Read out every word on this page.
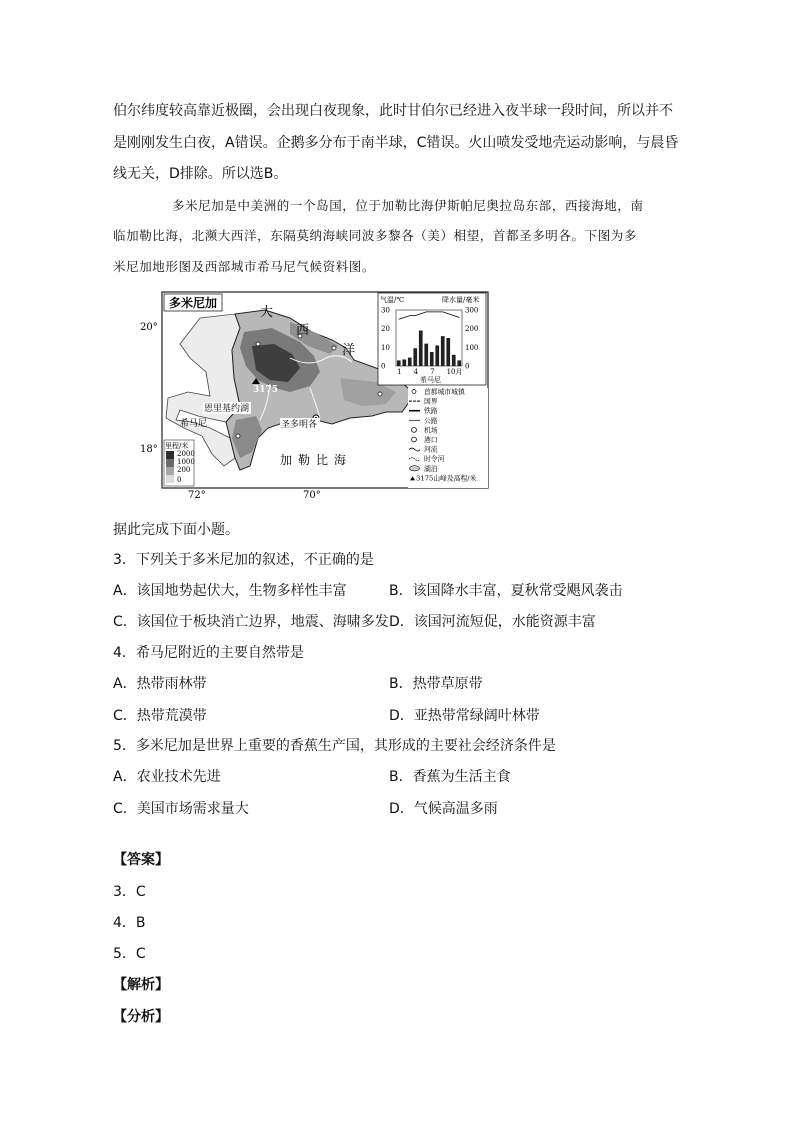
伯尔纬度较高靠近极圈，会出现白夜现象，此时甘伯尔已经进入夜半球一段时间，所以并不
是刚刚发生白夜，A错误。企鹅多分布于南半球，C错误。火山喷发受地壳运动影响，与晨昏
线无关，D排除。所以选B。
多米尼加是中美洲的一个岛国，位于加勒比海伊斯帕尼奥拉岛东部，西接海地，南
临加勒比海，北濒大西洋，东隔莫纳海峡同波多黎各（美）相望，首都圣多明各。下图为多
米尼加地形图及西部城市希马尼气候资料图。
20°
18°
72°	70°
多米尼加
3175
恩里基约湖
圣多明各
希马尼
大
西
洋
加勒比海
里程/米
2000
1000
200
0
气温/℃	降水量/毫米
30
20
10
0
300
200
100
0
1 4 7 10月
希马尼
首都城市城镇
国界
铁路
公路
机场
港口
河流
时令河
湖泊
3175山峰及高程/米
据此完成下面小题。
3．下列关于多米尼加的叙述，不正确的是
A．该国地势起伏大，生物多样性丰富	B．该国降水丰富，夏秋常受飓风袭击
C．该国位于板块消亡边界，地震、海啸多发 D．该国河流短促，水能资源丰富
4．希马尼附近的主要自然带是
A．热带雨林带	B．热带草原带
C．热带荒漠带	D．亚热带常绿阔叶林带
5．多米尼加是世界上重要的香蕉生产国，其形成的主要社会经济条件是
A．农业技术先进	B．香蕉为生活主食
C．美国市场需求量大	D．气候高温多雨
【答案】
3．C
4．B
5．C
【解析】
【分析】
